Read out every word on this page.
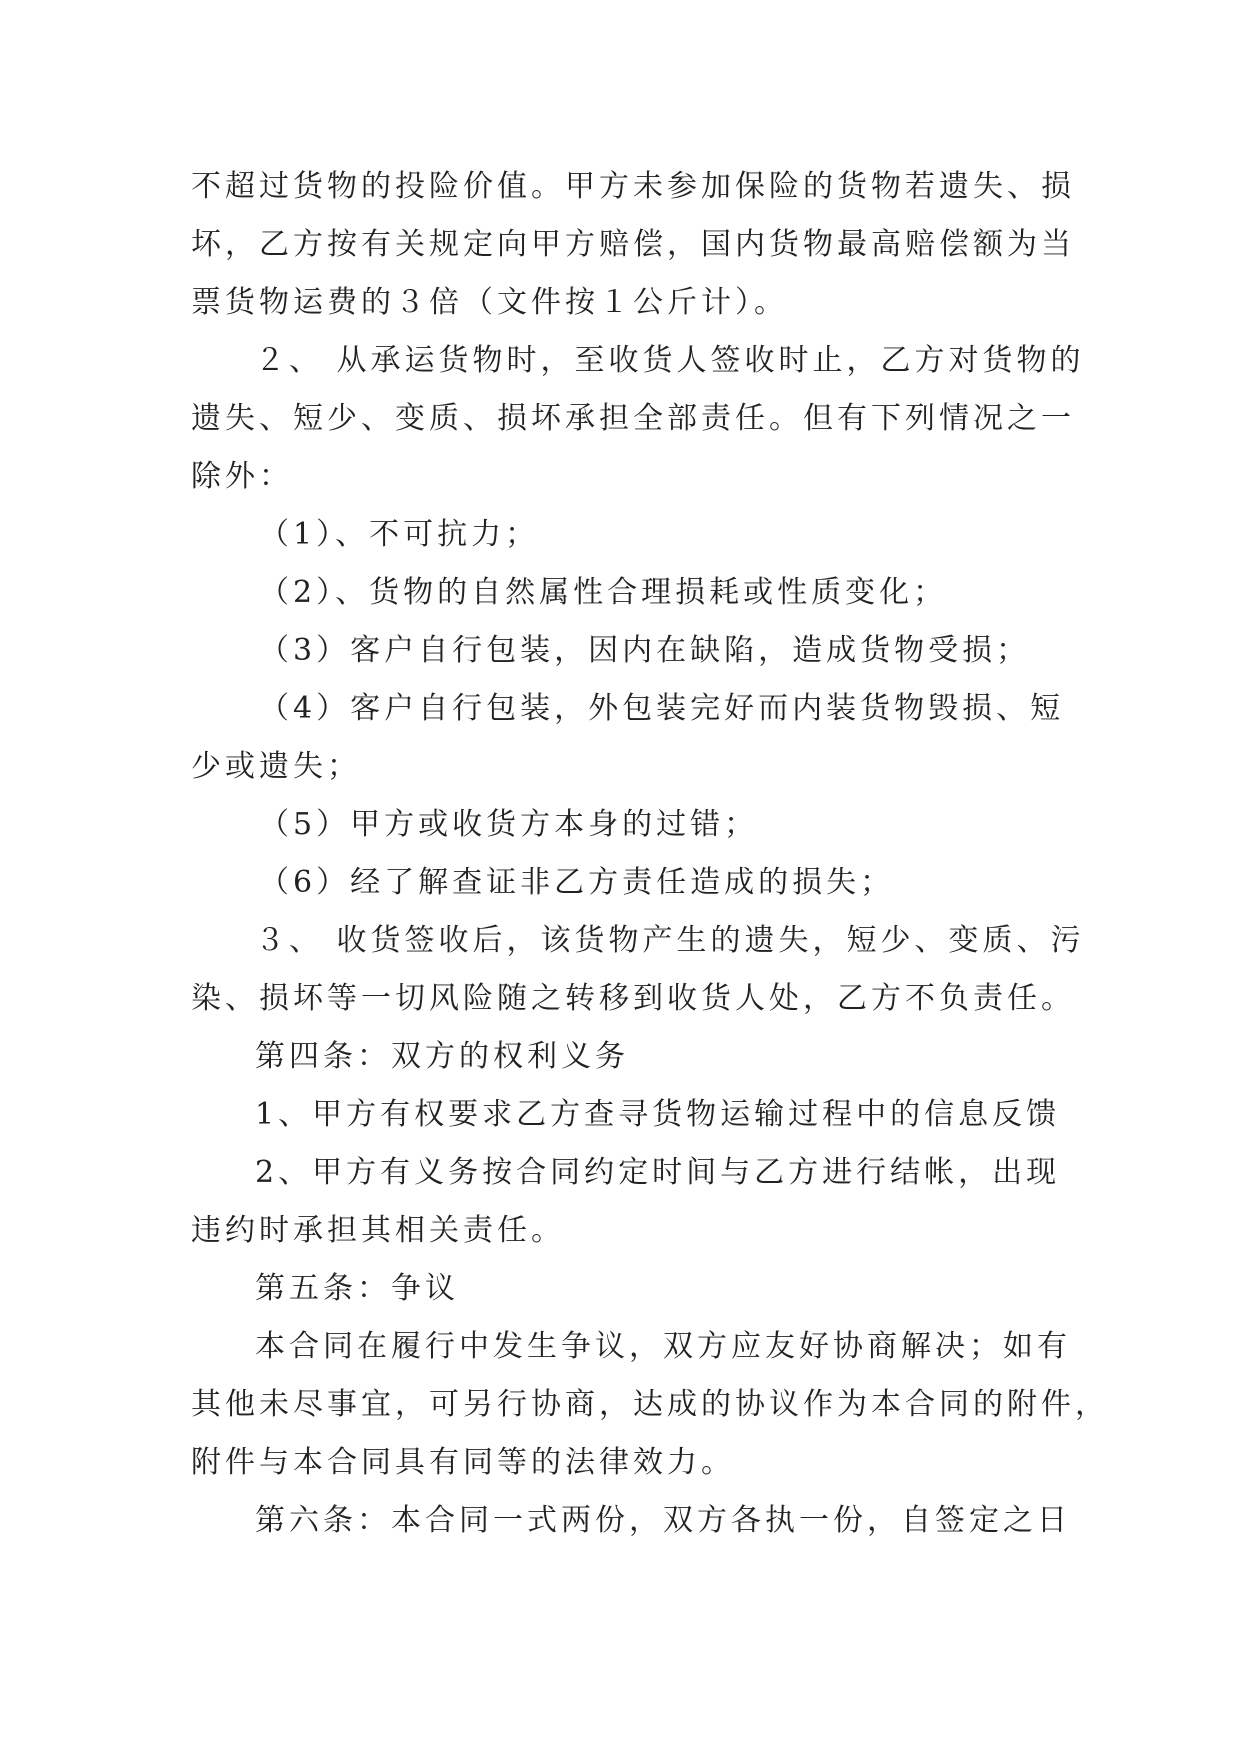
不超过货物的投险价值。甲方未参加保险的货物若遗失、损
坏，乙方按有关规定向甲方赔偿，国内货物最高赔偿额为当
票货物运费的３倍（文件按１公斤计）。
２、 从承运货物时，至收货人签收时止，乙方对货物的
遗失、短少、变质、损坏承担全部责任。但有下列情况之一
除外：
（1）、不可抗力；
（2）、货物的自然属性合理损耗或性质变化；
（3）客户自行包装，因内在缺陷，造成货物受损；
（4）客户自行包装，外包装完好而内装货物毁损、短
少或遗失；
（5）甲方或收货方本身的过错；
（6）经了解查证非乙方责任造成的损失；
３、 收货签收后，该货物产生的遗失，短少、变质、污
染、损坏等一切风险随之转移到收货人处，乙方不负责任。
第四条：双方的权利义务
1、甲方有权要求乙方查寻货物运输过程中的信息反馈
2、甲方有义务按合同约定时间与乙方进行结帐，出现
违约时承担其相关责任。
第五条：争议
本合同在履行中发生争议，双方应友好协商解决；如有
其他未尽事宜，可另行协商，达成的协议作为本合同的附件，
附件与本合同具有同等的法律效力。
第六条：本合同一式两份，双方各执一份，自签定之日
